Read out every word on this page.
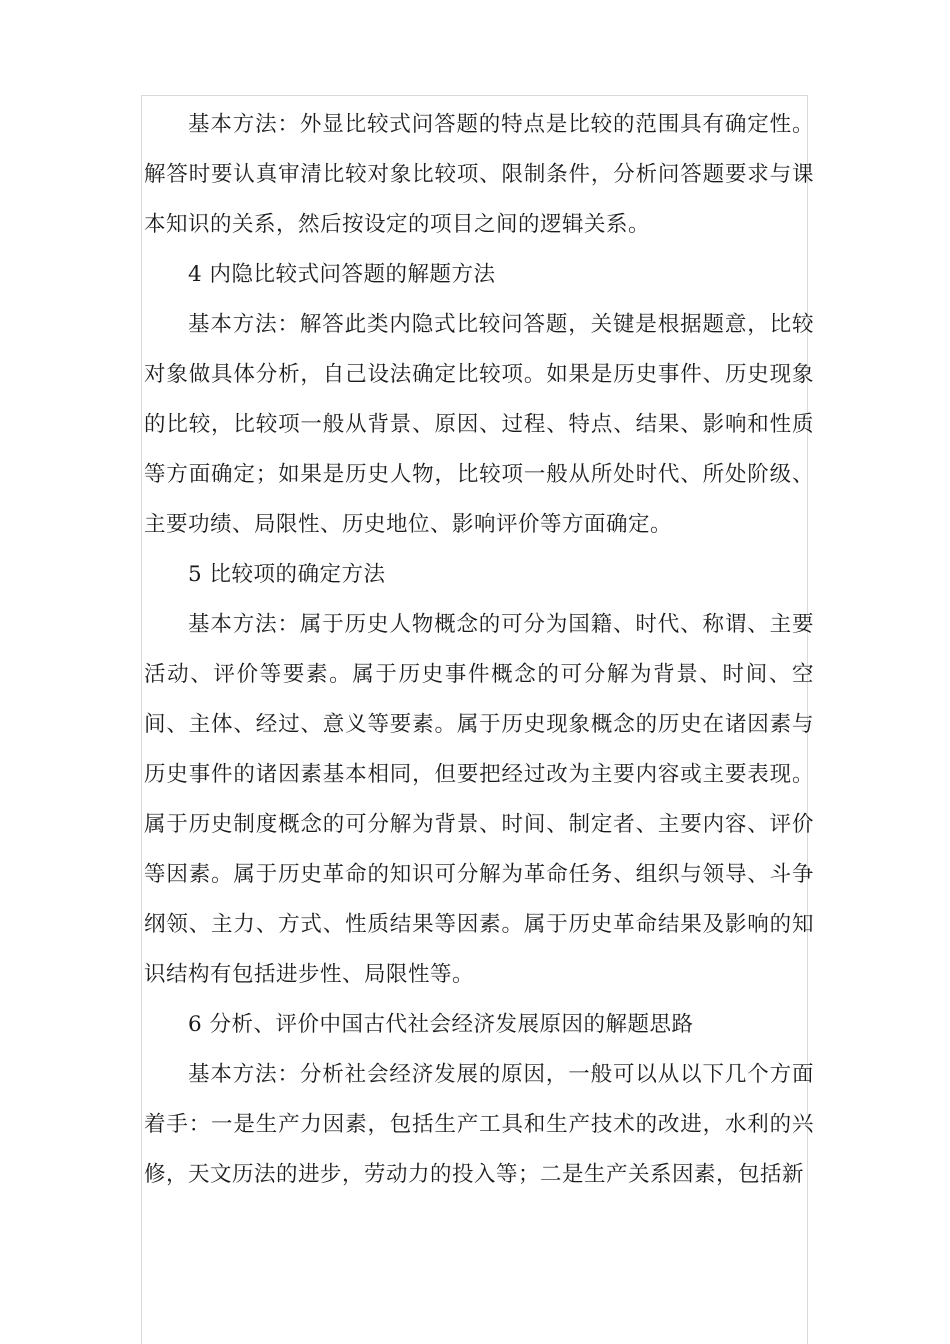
基本方法：外显比较式问答题的特点是比较的范围具有确定性。解答时要认真审清比较对象比较项、限制条件，分析问答题要求与课本知识的关系，然后按设定的项目之间的逻辑关系。

4 内隐比较式问答题的解题方法

基本方法：解答此类内隐式比较问答题，关键是根据题意，比较对象做具体分析，自己设法确定比较项。如果是历史事件、历史现象的比较，比较项一般从背景、原因、过程、特点、结果、影响和性质等方面确定；如果是历史人物，比较项一般从所处时代、所处阶级、主要功绩、局限性、历史地位、影响评价等方面确定。

5 比较项的确定方法

基本方法：属于历史人物概念的可分为国籍、时代、称谓、主要活动、评价等要素。属于历史事件概念的可分解为背景、时间、空间、主体、经过、意义等要素。属于历史现象概念的历史在诸因素与历史事件的诸因素基本相同，但要把经过改为主要内容或主要表现。属于历史制度概念的可分解为背景、时间、制定者、主要内容、评价等因素。属于历史革命的知识可分解为革命任务、组织与领导、斗争纲领、主力、方式、性质结果等因素。属于历史革命结果及影响的知识结构有包括进步性、局限性等。

6 分析、评价中国古代社会经济发展原因的解题思路

基本方法：分析社会经济发展的原因，一般可以从以下几个方面着手：一是生产力因素，包括生产工具和生产技术的改进，水利的兴修，天文历法的进步，劳动力的投入等；二是生产关系因素，包括新
